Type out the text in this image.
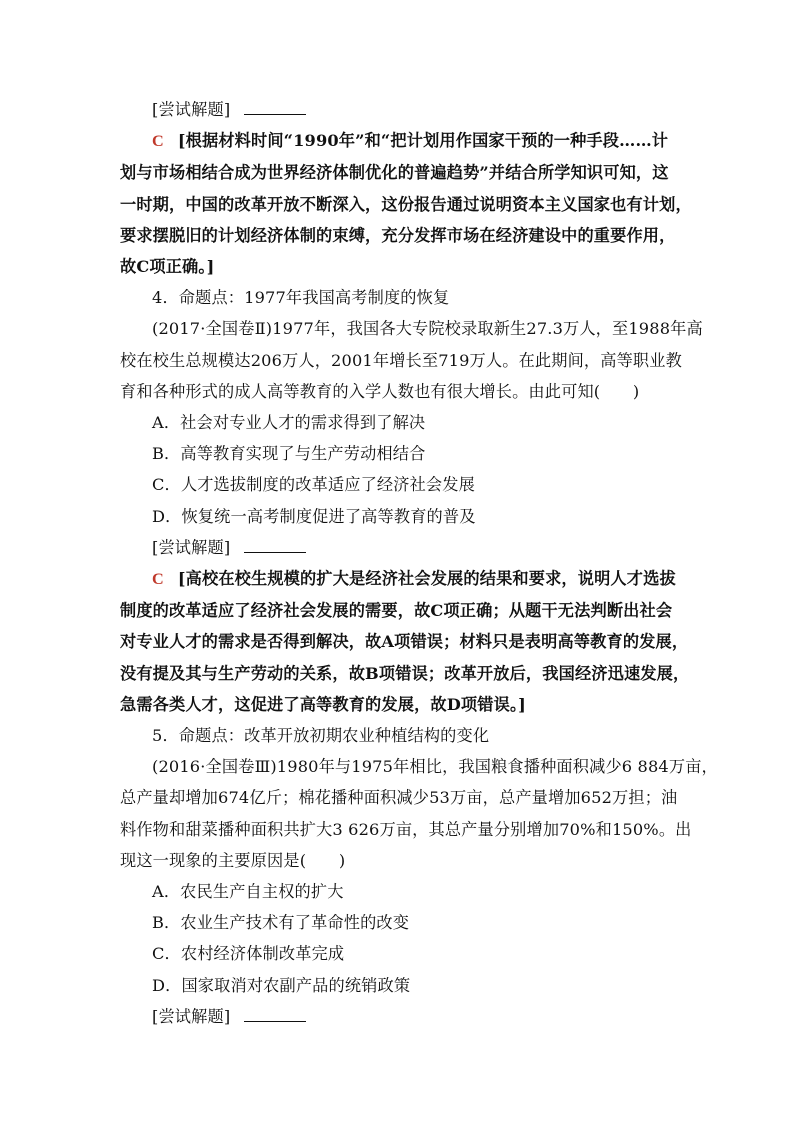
[尝试解题]
C [根据材料时间“1990年”和“把计划用作国家干预的一种手段……计
划与市场相结合成为世界经济体制优化的普遍趋势”并结合所学知识可知，这
一时期，中国的改革开放不断深入，这份报告通过说明资本主义国家也有计划，
要求摆脱旧的计划经济体制的束缚，充分发挥市场在经济建设中的重要作用，
故C项正确。]
4．命题点：1977年我国高考制度的恢复
(2017·全国卷Ⅱ)1977年，我国各大专院校录取新生27.3万人，至1988年高
校在校生总规模达206万人，2001年增长至719万人。在此期间，高等职业教
育和各种形式的成人高等教育的入学人数也有很大增长。由此可知(　　)
A．社会对专业人才的需求得到了解决
B．高等教育实现了与生产劳动相结合
C．人才选拔制度的改革适应了经济社会发展
D．恢复统一高考制度促进了高等教育的普及
[尝试解题]
C [高校在校生规模的扩大是经济社会发展的结果和要求，说明人才选拔
制度的改革适应了经济社会发展的需要，故C项正确；从题干无法判断出社会
对专业人才的需求是否得到解决，故A项错误；材料只是表明高等教育的发展，
没有提及其与生产劳动的关系，故B项错误；改革开放后，我国经济迅速发展，
急需各类人才，这促进了高等教育的发展，故D项错误。]
5．命题点：改革开放初期农业种植结构的变化
(2016·全国卷Ⅲ)1980年与1975年相比，我国粮食播种面积减少6 884万亩，
总产量却增加674亿斤；棉花播种面积减少53万亩，总产量增加652万担；油
料作物和甜菜播种面积共扩大3 626万亩，其总产量分别增加70%和150%。出
现这一现象的主要原因是(　　)
A．农民生产自主权的扩大
B．农业生产技术有了革命性的改变
C．农村经济体制改革完成
D．国家取消对农副产品的统销政策
[尝试解题]
